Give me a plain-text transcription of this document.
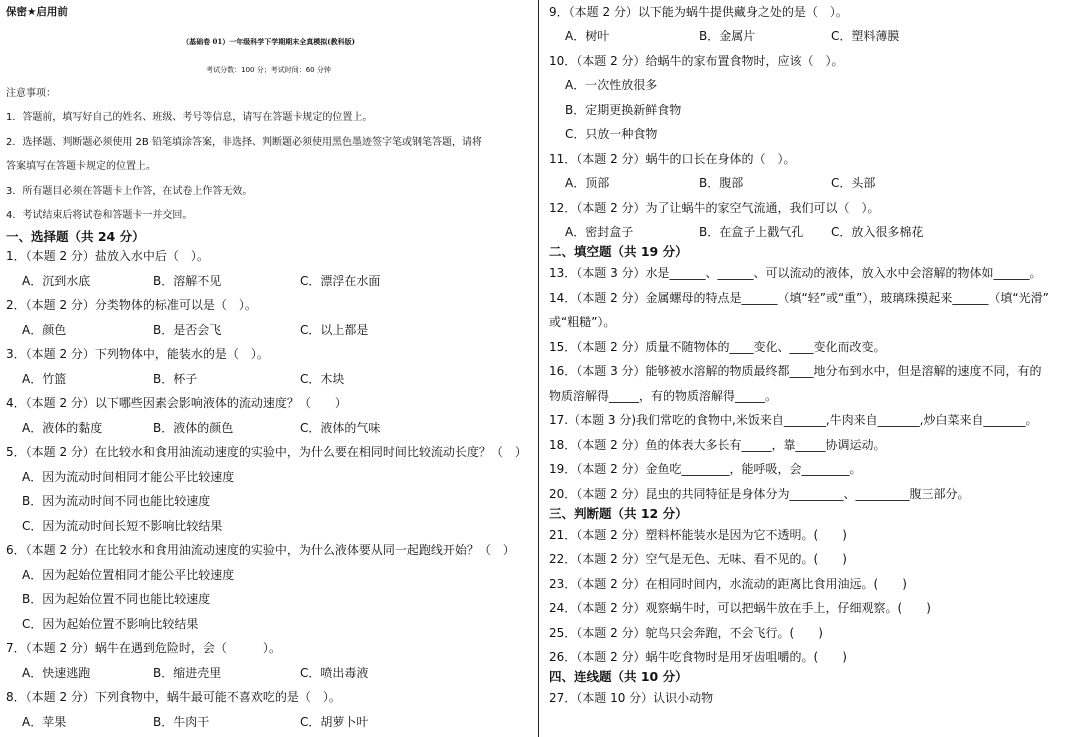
保密★启用前
（基础卷 01）一年级科学下学期期末全真模拟(教科版)
考试分数：100 分；考试时间：60 分钟
注意事项：
1．答题前，填写好自己的姓名、班级、考号等信息，请写在答题卡规定的位置上。
2．选择题、判断题必须使用 2B 铅笔填涂答案，非选择、判断题必须使用黑色墨迹签字笔或钢笔答题，请将
答案填写在答题卡规定的位置上。
3．所有题目必须在答题卡上作答，在试卷上作答无效。
4．考试结束后将试卷和答题卡一并交回。
一、选择题（共 24 分）
1．（本题 2 分）盐放入水中后（　）。
A．沉到水底	B．溶解不见	C．漂浮在水面
2．（本题 2 分）分类物体的标准可以是（　）。
A．颜色	B．是否会飞	C．以上都是
3．（本题 2 分）下列物体中，能装水的是（　）。
A．竹篮	B．杯子	C．木块
4．（本题 2 分）以下哪些因素会影响液体的流动速度？（　　）
A．液体的黏度	B．液体的颜色	C．液体的气味
5．（本题 2 分）在比较水和食用油流动速度的实验中，为什么要在相同时间比较流动长度？（　）
A．因为流动时间相同才能公平比较速度
B．因为流动时间不同也能比较速度
C．因为流动时间长短不影响比较结果
6．（本题 2 分）在比较水和食用油流动速度的实验中，为什么液体要从同一起跑线开始？（　）
A．因为起始位置相同才能公平比较速度
B．因为起始位置不同也能比较速度
C．因为起始位置不影响比较结果
7．（本题 2 分）蜗牛在遇到危险时，会（　　　）。
A．快速逃跑	B．缩进壳里	C．喷出毒液
8．（本题 2 分）下列食物中，蜗牛最可能不喜欢吃的是（　）。
A．苹果	B．牛肉干	C．胡萝卜叶
9．（本题 2 分）以下能为蜗牛提供藏身之处的是（　）。
A．树叶	B．金属片	C．塑料薄膜
10．（本题 2 分）给蜗牛的家布置食物时，应该（　）。
A．一次性放很多
B．定期更换新鲜食物
C．只放一种食物
11．（本题 2 分）蜗牛的口长在身体的（　）。
A．顶部	B．腹部	C．头部
12．（本题 2 分）为了让蜗牛的家空气流通，我们可以（　）。
A．密封盒子	B．在盒子上戳气孔	C．放入很多棉花
二、填空题（共 19 分）
13．（本题 3 分）水是______、______、可以流动的液体，放入水中会溶解的物体如______。
14．（本题 2 分）金属螺母的特点是______（填“轻”或“重”），玻璃珠摸起来______（填“光滑”
或“粗糙”）。
15．（本题 2 分）质量不随物体的____变化、____变化而改变。
16．（本题 3 分）能够被水溶解的物质最终都____地分布到水中，但是溶解的速度不同，有的
物质溶解得_____，有的物质溶解得_____。
17.（本题 3 分)我们常吃的食物中,米饭来自_______,牛肉来自_______,炒白菜来自_______。
18．（本题 2 分）鱼的体表大多长有_____，靠_____协调运动。
19．（本题 2 分）金鱼吃________，能呼吸，会________。
20．（本题 2 分）昆虫的共同特征是身体分为_________、_________腹三部分。
三、判断题（共 12 分）
21．（本题 2 分）塑料杯能装水是因为它不透明。(　　)
22．（本题 2 分）空气是无色、无味、看不见的。(　　)
23．（本题 2 分）在相同时间内，水流动的距离比食用油远。(　　)
24．（本题 2 分）观察蜗牛时，可以把蜗牛放在手上，仔细观察。(　　)
25．（本题 2 分）鸵鸟只会奔跑，不会飞行。(　　)
26．（本题 2 分）蜗牛吃食物时是用牙齿咀嚼的。(　　)
四、连线题（共 10 分）
27．（本题 10 分）认识小动物
